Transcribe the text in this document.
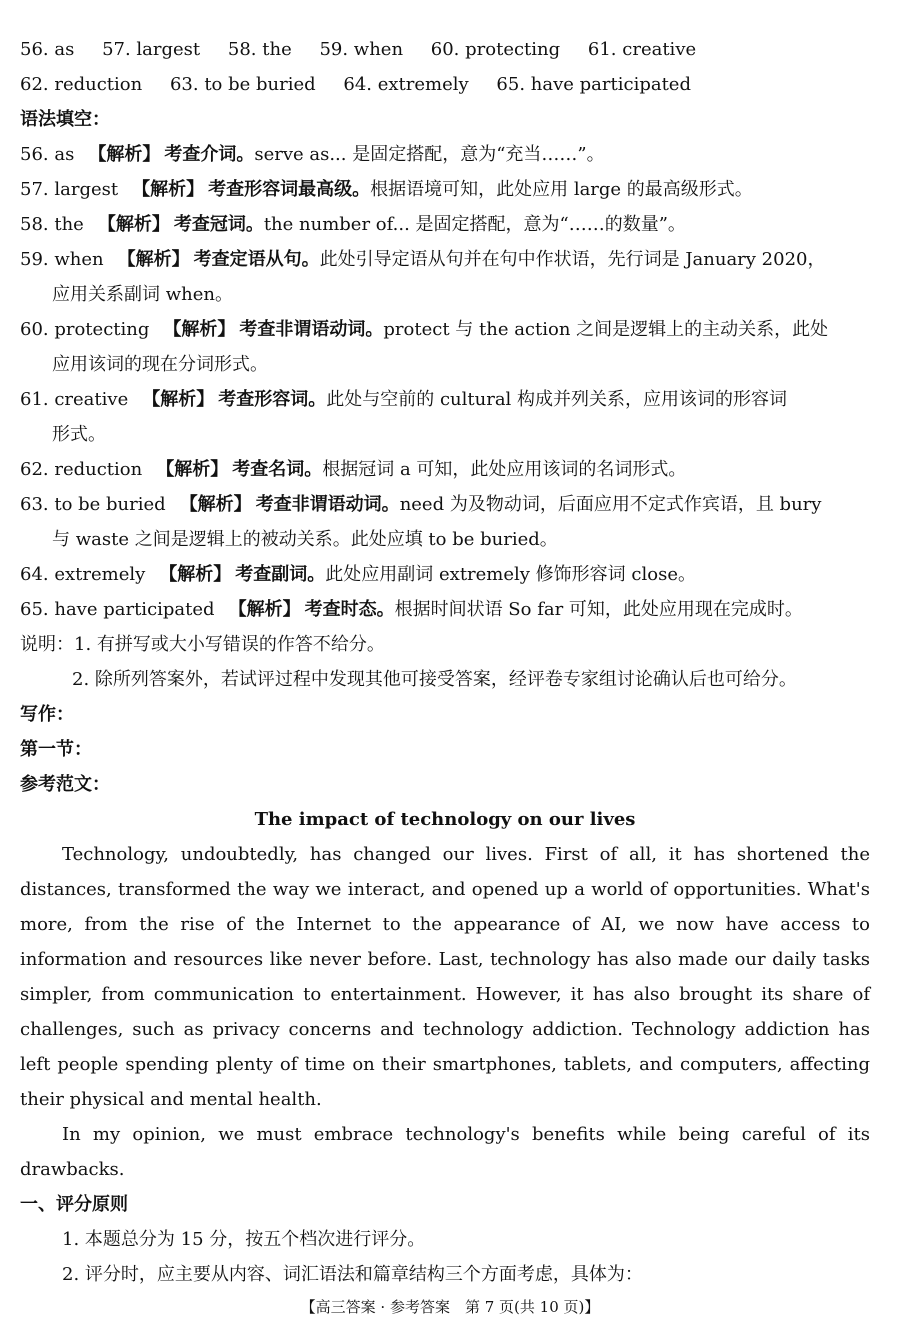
56. as 57. largest 58. the 59. when 60. protecting 61. creative
62. reduction 63. to be buried 64. extremely 65. have participated
语法填空：
56. as 【解析】 考查介词。serve as... 是固定搭配，意为“充当……”。
57. largest 【解析】 考查形容词最高级。根据语境可知，此处应用 large 的最高级形式。
58. the 【解析】 考查冠词。the number of... 是固定搭配，意为“……的数量”。
59. when 【解析】 考查定语从句。此处引导定语从句并在句中作状语，先行词是 January 2020，
应用关系副词 when。
60. protecting 【解析】 考查非谓语动词。protect 与 the action 之间是逻辑上的主动关系，此处
应用该词的现在分词形式。
61. creative 【解析】 考查形容词。此处与空前的 cultural 构成并列关系，应用该词的形容词
形式。
62. reduction 【解析】 考查名词。根据冠词 a 可知，此处应用该词的名词形式。
63. to be buried 【解析】 考查非谓语动词。need 为及物动词，后面应用不定式作宾语，且 bury
与 waste 之间是逻辑上的被动关系。此处应填 to be buried。
64. extremely 【解析】 考查副词。此处应用副词 extremely 修饰形容词 close。
65. have participated 【解析】 考查时态。根据时间状语 So far 可知，此处应用现在完成时。
说明：1. 有拼写或大小写错误的作答不给分。
2. 除所列答案外，若试评过程中发现其他可接受答案，经评卷专家组讨论确认后也可给分。
写作：
第一节：
参考范文：
The impact of technology on our lives
Technology, undoubtedly, has changed our lives. First of all, it has shortened the distances, transformed the way we interact, and opened up a world of opportunities. What's more, from the rise of the Internet to the appearance of AI, we now have access to information and resources like never before. Last, technology has also made our daily tasks simpler, from communication to entertainment. However, it has also brought its share of challenges, such as privacy concerns and technology addiction. Technology addiction has left people spending plenty of time on their smartphones, tablets, and computers, affecting their physical and mental health.
In my opinion, we must embrace technology's benefits while being careful of its drawbacks.
一、评分原则
1. 本题总分为 15 分，按五个档次进行评分。
2. 评分时，应主要从内容、词汇语法和篇章结构三个方面考虑，具体为：
【高三答案 · 参考答案　第 7 页(共 10 页)】
